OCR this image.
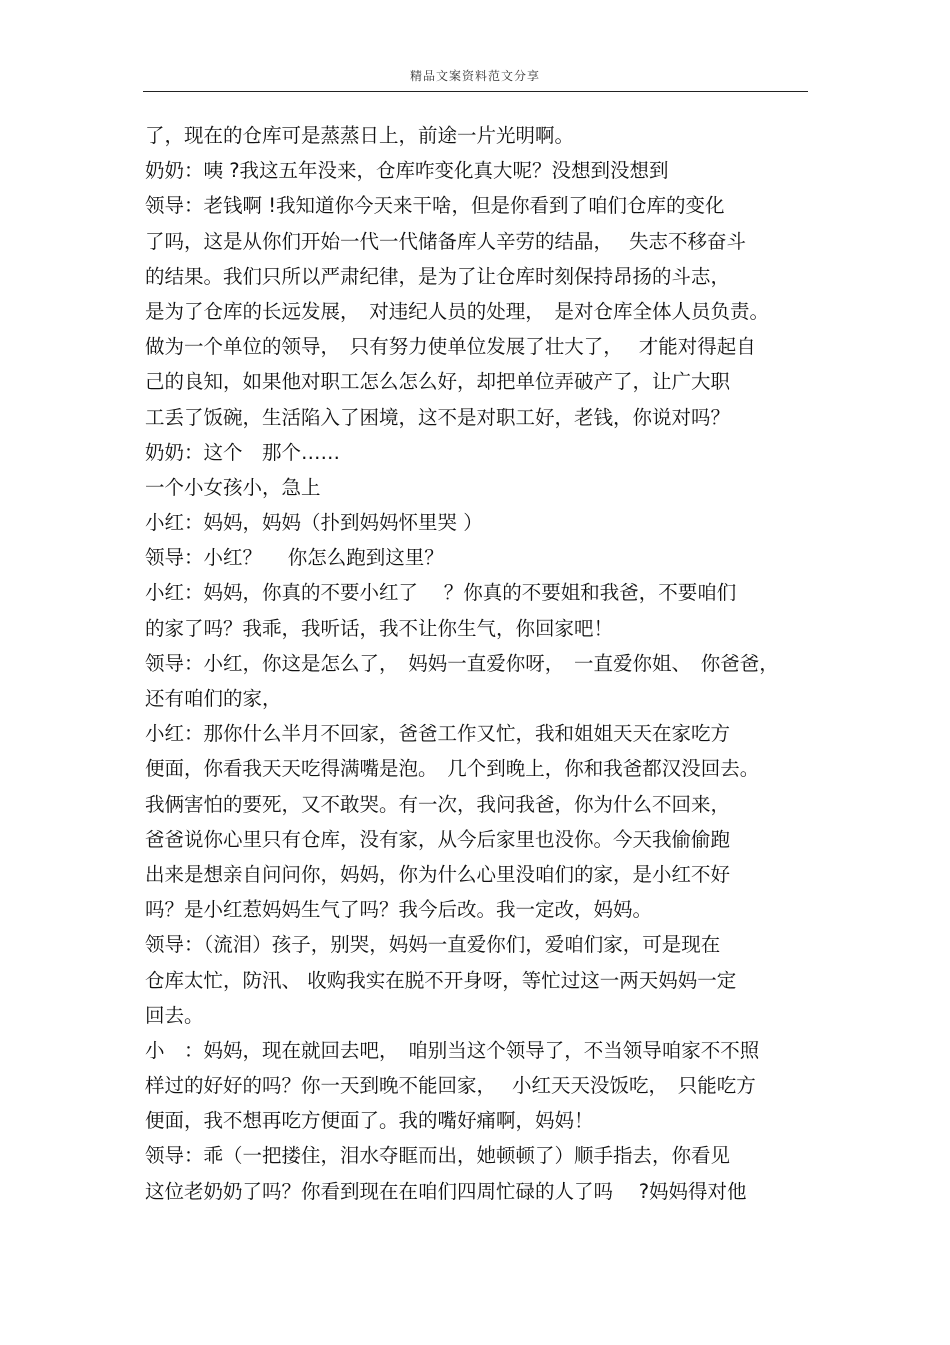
精品文案资料范文分享
了，现在的仓库可是蒸蒸日上，前途一片光明啊。
奶奶：咦 ?我这五年没来，仓库咋变化真大呢？没想到没想到
领导：老钱啊 !我知道你今天来干啥，但是你看到了咱们仓库的变化
了吗，这是从你们开始一代一代储备库人辛劳的结晶，　 失志不移奋斗
的结果。我们只所以严肃纪律，是为了让仓库时刻保持昂扬的斗志，
是为了仓库的长远发展，　对违纪人员的处理，　是对仓库全体人员负责。
做为一个单位的领导，　只有努力使单位发展了壮大了，　 才能对得起自
己的良知，如果他对职工怎么怎么好，却把单位弄破产了，让广大职
工丢了饭碗，生活陷入了困境，这不是对职工好，老钱，你说对吗？
奶奶：这个　那个……
一个小女孩小，急上
小红：妈妈，妈妈（扑到妈妈怀里哭 ）
领导：小红？　 你怎么跑到这里？
小红：妈妈，你真的不要小红了　 ？你真的不要姐和我爸，不要咱们
的家了吗？我乖，我听话，我不让你生气，你回家吧！
领导：小红，你这是怎么了，　妈妈一直爱你呀，　一直爱你姐、　你爸爸，
还有咱们的家，
小红：那你什么半月不回家，爸爸工作又忙，我和姐姐天天在家吃方
便面，你看我天天吃得满嘴是泡。　几个到晚上，你和我爸都汉没回去。
我俩害怕的要死，又不敢哭。有一次，我问我爸，你为什么不回来，
爸爸说你心里只有仓库，没有家，从今后家里也没你。今天我偷偷跑
出来是想亲自问问你，妈妈，你为什么心里没咱们的家，是小红不好
吗？是小红惹妈妈生气了吗？我今后改。我一定改，妈妈。
领导：（流泪）孩子，别哭，妈妈一直爱你们，爱咱们家，可是现在
仓库太忙，防汛、 收购我实在脱不开身呀，等忙过这一两天妈妈一定
回去。
小　：妈妈，现在就回去吧，　咱别当这个领导了，不当领导咱家不不照
样过的好好的吗？你一天到晚不能回家，　 小红天天没饭吃，　只能吃方
便面，我不想再吃方便面了。我的嘴好痛啊，妈妈！
领导：乖（一把搂住，泪水夺眶而出，她顿顿了）顺手指去，你看见
这位老奶奶了吗？你看到现在在咱们四周忙碌的人了吗　 ?妈妈得对他
